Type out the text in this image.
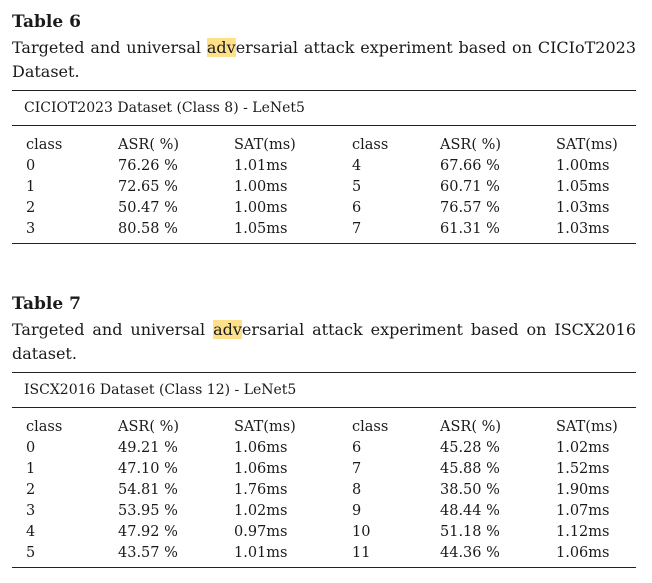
Table 6

Targeted and universal adversarial attack experiment based on CICIoT2023 Dataset.

CICIOT2023 Dataset (Class 8) - LeNet5
class	ASR( %)	SAT(ms)	class	ASR( %)	SAT(ms)
0	76.26 %	1.01ms	4	67.66 %	1.00ms
1	72.65 %	1.00ms	5	60.71 %	1.05ms
2	50.47 %	1.00ms	6	76.57 %	1.03ms
3	80.58 %	1.05ms	7	61.31 %	1.03ms

Table 7

Targeted and universal adversarial attack experiment based on ISCX2016 dataset.

ISCX2016 Dataset (Class 12) - LeNet5
class	ASR( %)	SAT(ms)	class	ASR( %)	SAT(ms)
0	49.21 %	1.06ms	6	45.28 %	1.02ms
1	47.10 %	1.06ms	7	45.88 %	1.52ms
2	54.81 %	1.76ms	8	38.50 %	1.90ms
3	53.95 %	1.02ms	9	48.44 %	1.07ms
4	47.92 %	0.97ms	10	51.18 %	1.12ms
5	43.57 %	1.01ms	11	44.36 %	1.06ms
